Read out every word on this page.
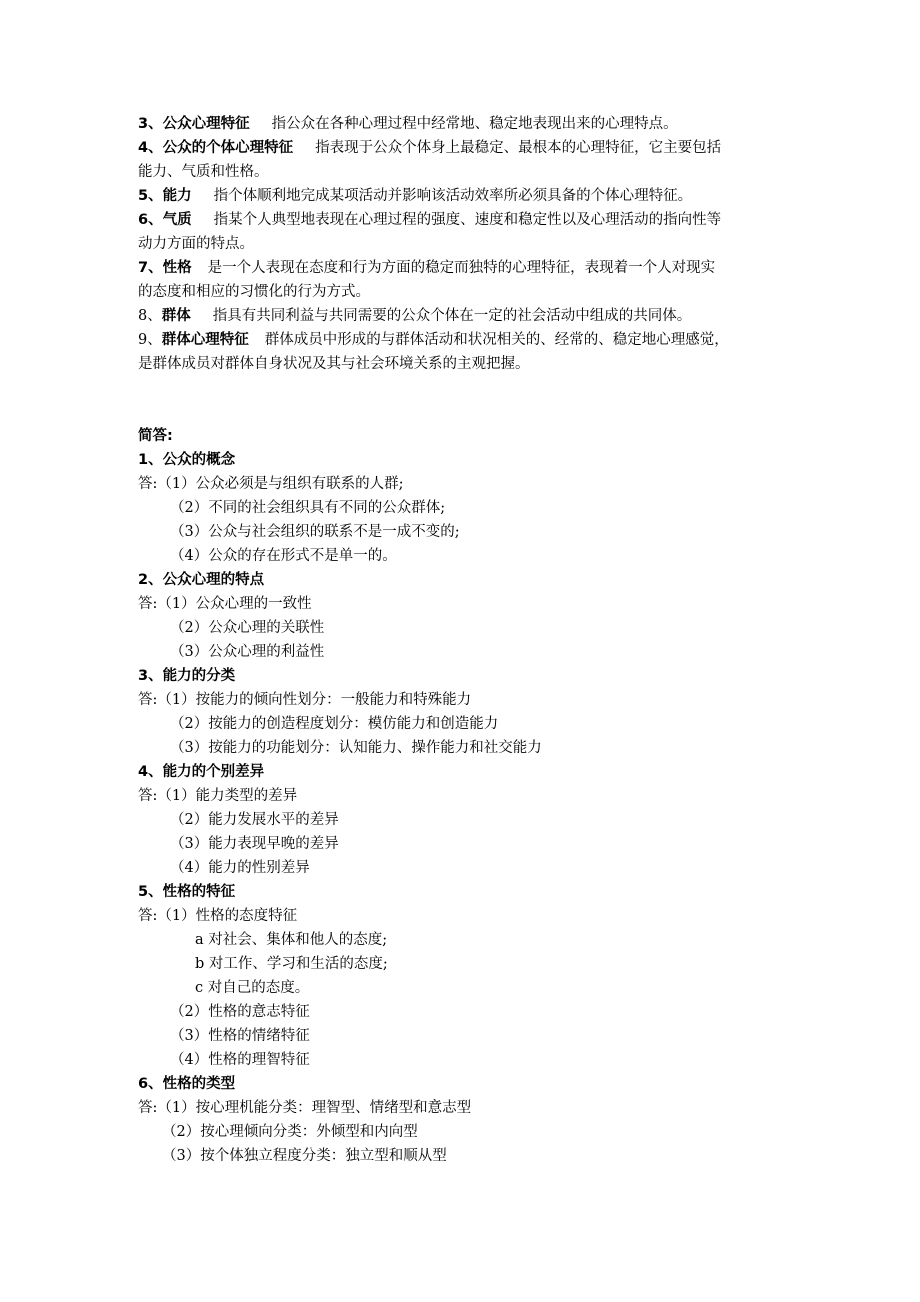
3、公众心理特征 指公众在各种心理过程中经常地、稳定地表现出来的心理特点。
4、公众的个体心理特征 指表现于公众个体身上最稳定、最根本的心理特征，它主要包括
能力、气质和性格。
5、能力 指个体顺利地完成某项活动并影响该活动效率所必须具备的个体心理特征。
6、气质 指某个人典型地表现在心理过程的强度、速度和稳定性以及心理活动的指向性等
动力方面的特点。
7、性格 是一个人表现在态度和行为方面的稳定而独特的心理特征，表现着一个人对现实
的态度和相应的习惯化的行为方式。
8、群体 指具有共同利益与共同需要的公众个体在一定的社会活动中组成的共同体。
9、群体心理特征 群体成员中形成的与群体活动和状况相关的、经常的、稳定地心理感觉，
是群体成员对群体自身状况及其与社会环境关系的主观把握。
简答:
1、公众的概念
答:（1）公众必须是与组织有联系的人群;
（2）不同的社会组织具有不同的公众群体;
（3）公众与社会组织的联系不是一成不变的;
（4）公众的存在形式不是单一的。
2、公众心理的特点
答:（1）公众心理的一致性
（2）公众心理的关联性
（3）公众心理的利益性
3、能力的分类
答:（1）按能力的倾向性划分：一般能力和特殊能力
（2）按能力的创造程度划分：模仿能力和创造能力
（3）按能力的功能划分：认知能力、操作能力和社交能力
4、能力的个别差异
答:（1）能力类型的差异
（2）能力发展水平的差异
（3）能力表现早晚的差异
（4）能力的性别差异
5、性格的特征
答:（1）性格的态度特征
a 对社会、集体和他人的态度;
b 对工作、学习和生活的态度;
c 对自己的态度。
（2）性格的意志特征
（3）性格的情绪特征
（4）性格的理智特征
6、性格的类型
答:（1）按心理机能分类：理智型、情绪型和意志型
（2）按心理倾向分类：外倾型和内向型
（3）按个体独立程度分类：独立型和顺从型
